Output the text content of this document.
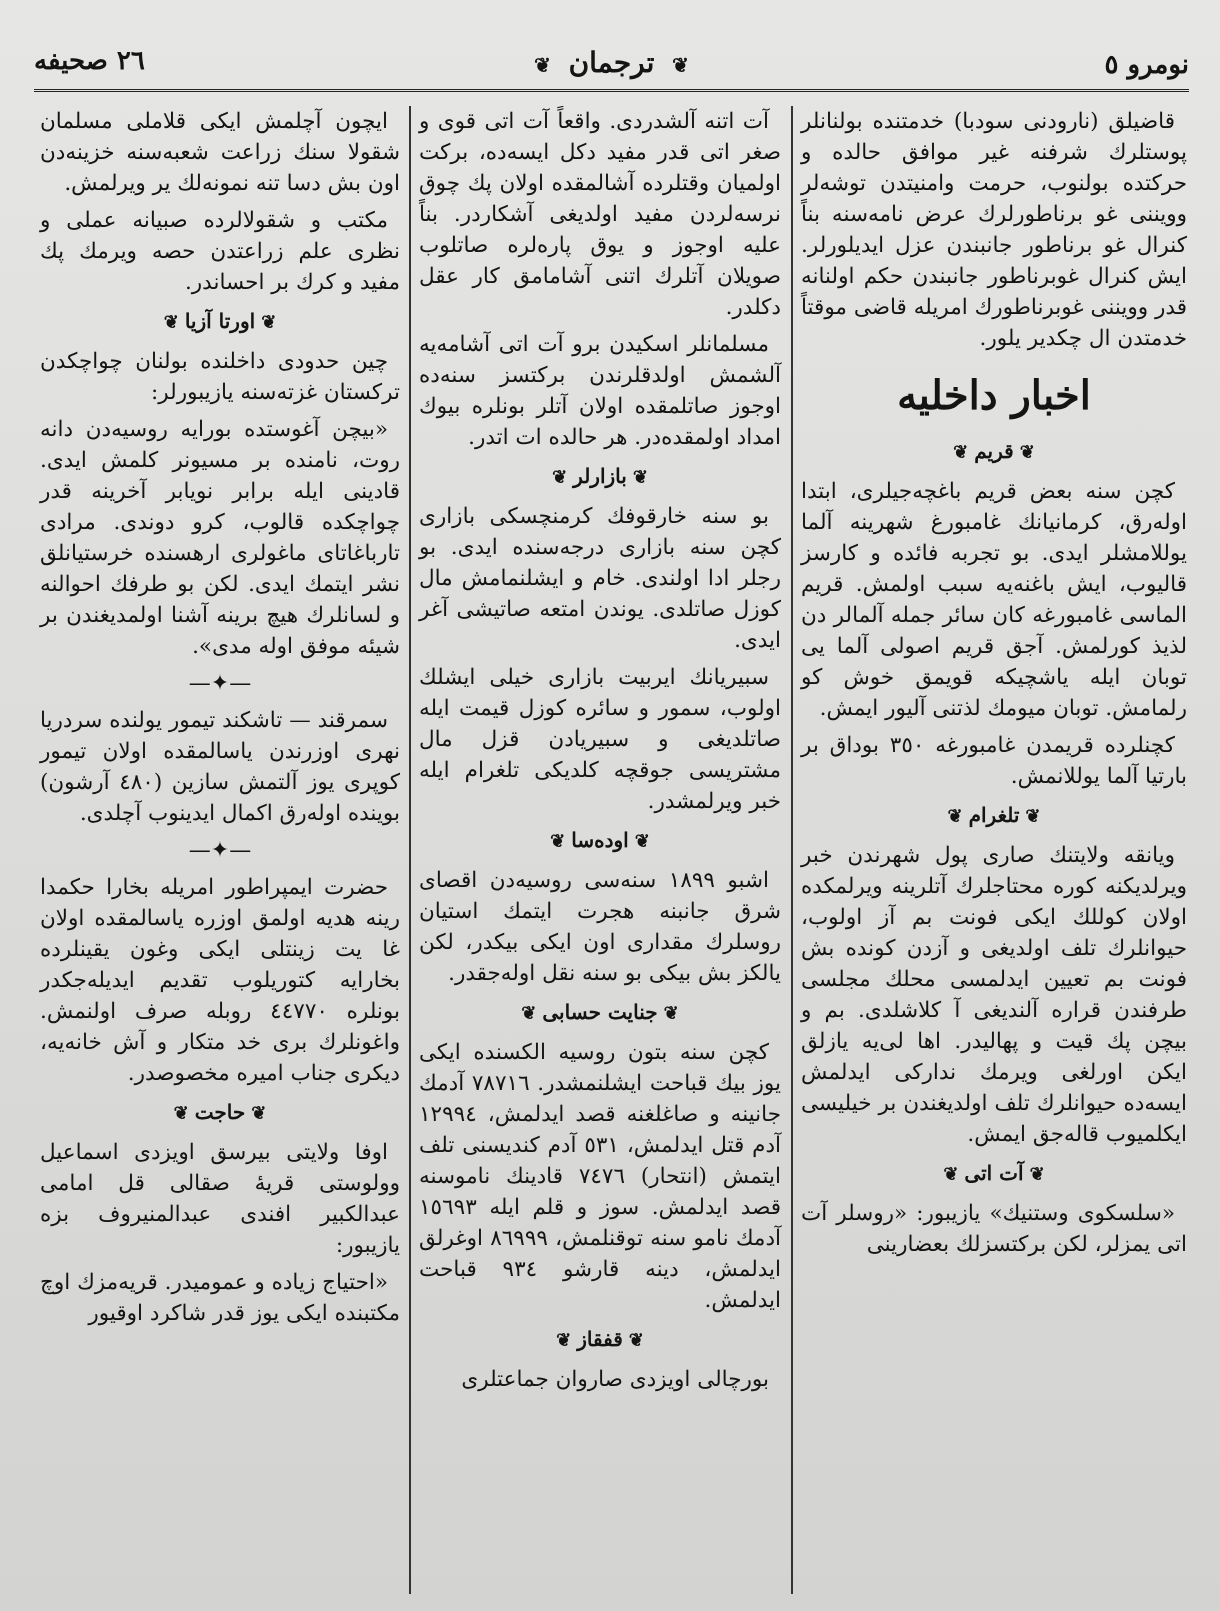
نومرو ٥
❦ ترجمان ❦
٢٦ صحيفه

قاضيلق (نارودنی سودبا) خدمتنده بولنانلر پوستلرك شرفنه غير موافق حالده و حركتده بولنوب، حرمت وامنيتدن توشه‌لر وويننی غو برناطورلرك عرض نامه‌سنه بناً كنرال غو برناطور جانبندن عزل ايديلورلر. ايش كنرال غوبرناطور جانبندن حكم اولنانه قدر وويننی غوبرناطورك امريله قاضی موقتاً خدمتدن ال چكدير يلور.

اخبار داخليه
❦قريم❦

كچن سنه بعض قريم باغچه‌جيلرى، ابتدا اوله‌رق، كرمانيانك غامبورغ شهرينه آلما يوللامشلر ايدى. بو تجربه فائده و كارسز قاليوب، ايش باغنه‌يه سبب اولمش. قريم الماسى غامبورغه كان سائر جمله آلمالر دن لذيذ كورلمش. آجق قريم اصولى آلما يی توبان ايله ياشچيكه قويمق خوش كو رلمامش. توبان ميومك لذتنی آليور ايمش.

كچنلرده قريمدن غامبورغه ٣٥٠ بوداق بر بارتيا آلما يوللانمش.

❦تلغرام❦

ويانقه ولايتنك صارى پول شهرندن خبر ويرلديكنه كوره محتاجلرك آتلرينه ويرلمكده اولان كوللك ايكی فونت بم آز اولوب، حيوانلرك تلف اولديغی و آزدن كونده بش فونت بم تعيين ايدلمسی محلك مجلسی طرفندن قراره آلنديغی آ كلاشلدی. بم و بيچن پك قيت و پهاليدر. اها لی‌يه يازلق ايكن اورلغی ويرمك نداركی ايدلمش ايسه‌ده حيوانلرك تلف اولديغندن بر خيليسی ايكلميوب قاله‌جق ايمش.

❦آت اتی❦

«سلسكوى وستنيك» يازيبور: «روسلر آت اتی يمزلر، لكن بركتسزلك بعضارينی

آت اتنه آلشدردى. واقعاً آت اتی قوى و صغر اتی قدر مفيد دكل ايسه‌ده، بركت اولميان وقتلرده آشالمقده اولان پك چوق نرسه‌لردن مفيد اولديغی آشكاردر. بناً عليه اوجوز و يوق پاره‌لره صاتلوب صويلان آتلرك اتنی آشامامق كار عقل دكلدر.

مسلمانلر اسكيدن برو آت اتی آشامه‌يه آلشمش اولدقلرندن بركتسز سنه‌ده اوجوز صاتلمقده اولان آتلر بونلره بيوك امداد اولمقده‌در. هر حالده ات اتدر.

❦بازارلر❦

بو سنه خارقوفك كرمنچسكی بازارى كچن سنه بازارى درجه‌سنده ايدى. بو رجلر ادا اولندى. خام و ايشلنمامش مال كوزل صاتلدى. يوندن امتعه صاتيشی آغر ايدى.

سبيريانك ايربيت بازارى خيلی ايشلك اولوب، سمور و سائره كوزل قيمت ايله صاتلديغی و سبيريادن قزل مال مشتريسی جوقچه كلديكی تلغرام ايله خبر ويرلمشدر.

❦اوده‌سا❦

اشبو ١٨٩٩ سنه‌سی روسيه‌دن اقصای شرق جانبنه هجرت ايتمك استيان روسلرك مقدارى اون ايكی بيكدر، لكن يالكز بش بيكی بو سنه نقل اوله‌جقدر.

❦جنايت حسابی❦

كچن سنه بتون روسيه الكسنده ايكی يوز بيك قباحت ايشلنمشدر. ٧٨٧١٦ آدمك جانينه و صاغلغنه قصد ايدلمش، ١٢٩٩٤ آدم قتل ايدلمش، ٥٣١ آدم كنديسنی تلف ايتمش (انتحار) ٧٤٧٦ قادينك ناموسنه قصد ايدلمش. سوز و قلم ايله ١٥٦٩٣ آدمك نامو سنه توقنلمش، ٨٦٩٩٩ اوغرلق ايدلمش، دينه قارشو ٩٣٤ قباحت ايدلمش.

❦قفقاز❦

بورچالی اويزدى صاروان جماعتلرى

ايچون آچلمش ايكی قلاملی مسلمان شقولا سنك زراعت شعبه‌سنه خزينه‌دن اون بش دسا تنه نمونه‌لك ير ويرلمش.

مكتب و شقولالرده صبيانه عملی و نظرى علم زراعتدن حصه ويرمك پك مفيد و كرك بر احساندر.

❦اورتا آزيا❦

چين حدودى داخلنده بولنان چواچكدن تركستان غزته‌سنه يازيبورلر:

«بيچن آغوستده بورايه روسيه‌دن دانه روت، نامنده بر مسيونر كلمش ايدى. قادينی ايله برابر نويابر آخرينه قدر چواچكده قالوب، كرو دوندى. مرادى تارباغاتاى ماغولرى ارهسنده خرستيانلق نشر ايتمك ايدى. لكن بو طرفك احوالنه و لسانلرك هيچ برينه آشنا اولمديغندن بر شيئه موفق اوله مدى».

—✦—

سمرقند — تاشكند تيمور يولنده سردريا نهرى اوزرندن ياسالمقده اولان تيمور كوپرى يوز آلتمش سازين (٤٨٠ آرشون) بوينده اوله‌رق اكمال ايدينوب آچلدى.

—✦—

حضرت ايمپراطور امريله بخارا حكمدا رينه هديه اولمق اوزره ياسالمقده اولان غا يت زينتلی ايكی وغون يقينلرده بخارايه كتوريلوب تقديم ايديله‌جكدر بونلره ٤٤٧٧٠ روبله صرف اولنمش. واغونلرك برى خد متكار و آش خانه‌يه، ديكرى جناب اميره مخصوصدر.

❦حاجت❦

اوفا ولايتی بيرسق اويزدى اسماعيل وولوستی قريهٔ صقالی قل امامی عبدالكبير افندى عبدالمنيروف بزه يازيبور:

«احتياج زياده و عموميدر. قريه‌مزك اوچ مكتبنده ايكی يوز قدر شاكرد اوقيور
